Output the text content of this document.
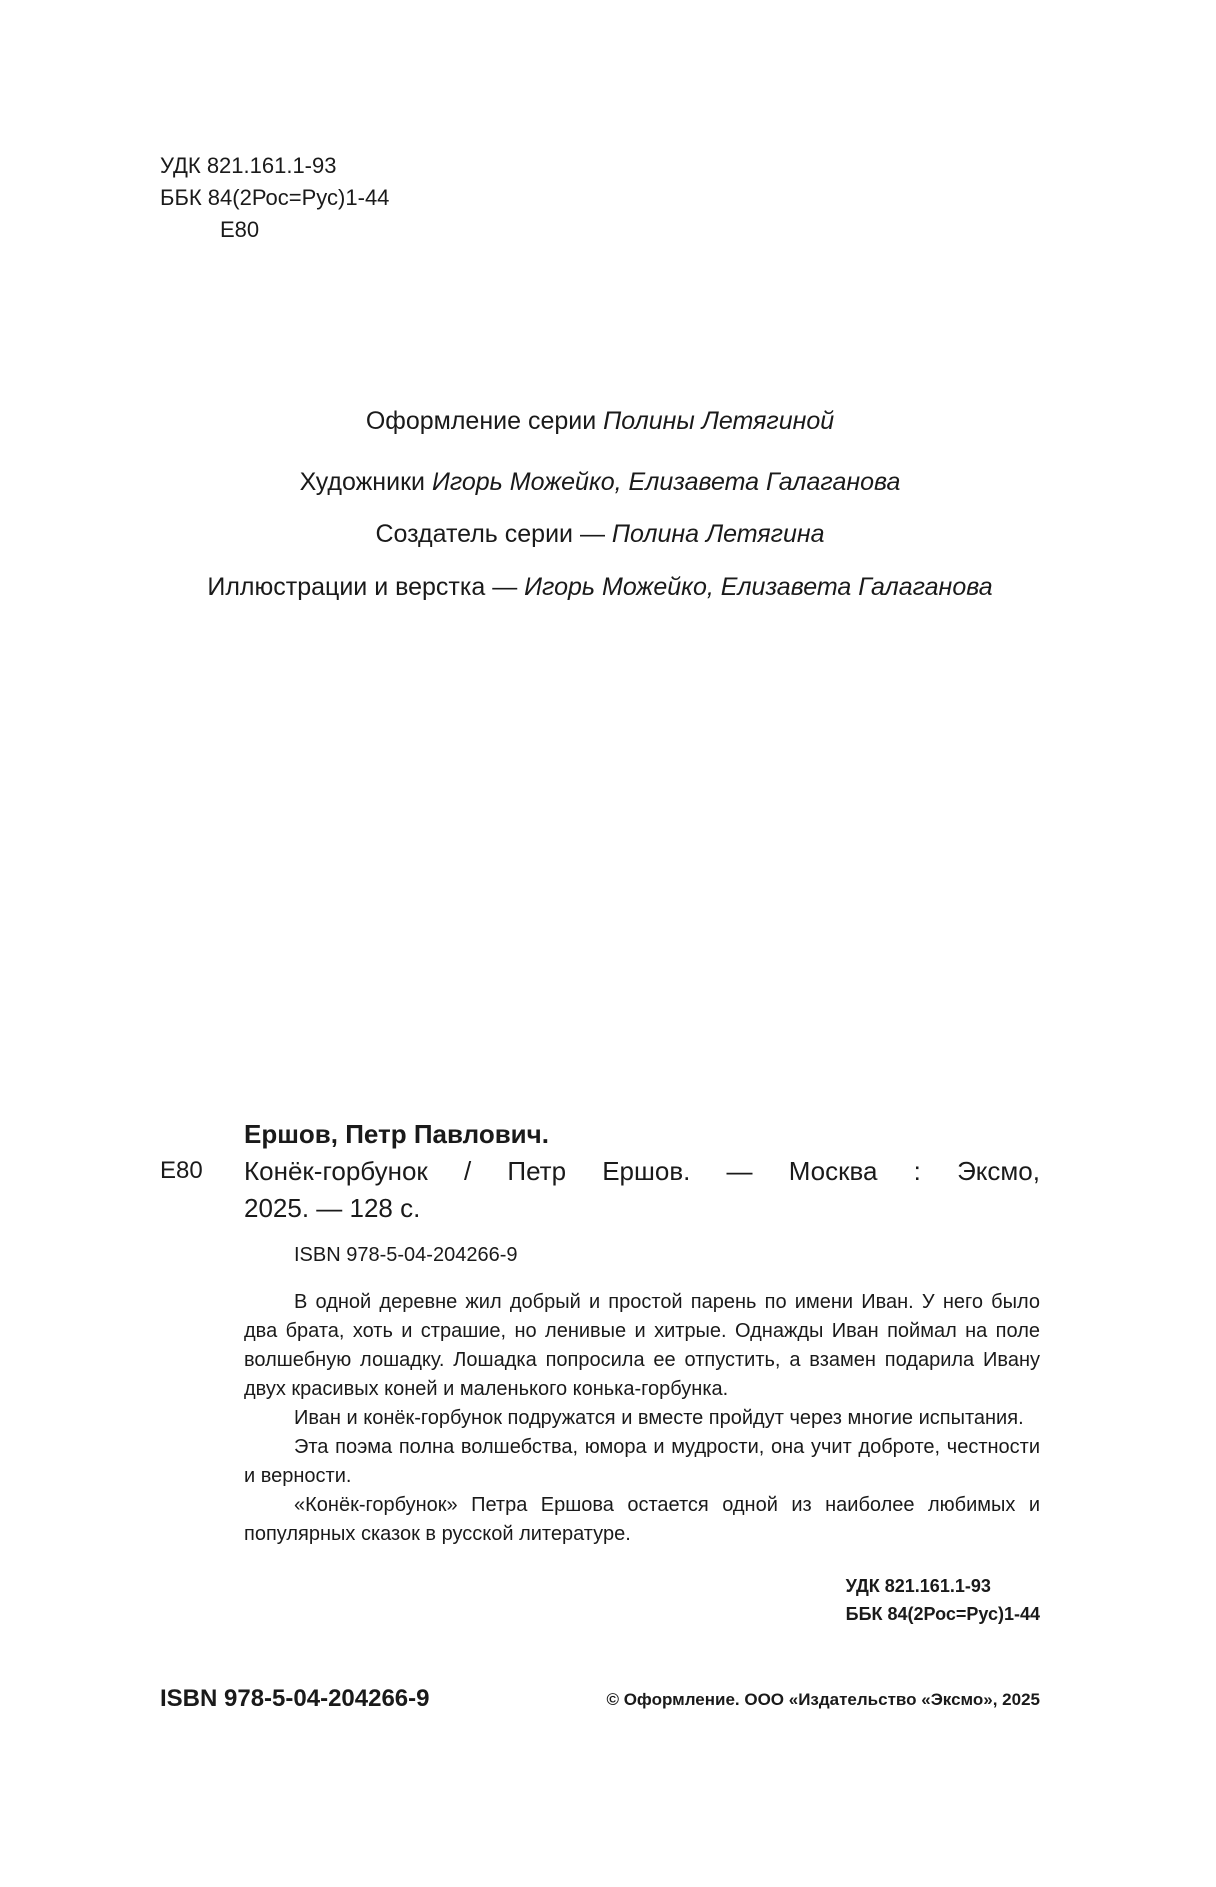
УДК 821.161.1-93
ББК 84(2Рос=Рус)1-44
Е80
Оформление серии Полины Летягиной
Художники Игорь Можейко, Елизавета Галаганова
Создатель серии — Полина Летягина
Иллюстрации и верстка — Игорь Можейко, Елизавета Галаганова
Ершов, Петр Павлович.
Е80 Конёк-горбунок / Петр Ершов. — Москва : Эксмо,
2025. — 128 с.
ISBN 978-5-04-204266-9

В одной деревне жил добрый и простой парень по имени Иван. У него было два брата, хоть и страшие, но ленивые и хитрые. Однажды Иван поймал на поле волшебную лошадку. Лошадка попросила ее отпустить, а взамен подарила Ивану двух красивых коней и маленького конька-горбунка.

Иван и конёк-горбунок подружатся и вместе пройдут через многие испытания.

Эта поэма полна волшебства, юмора и мудрости, она учит доброте, честности и верности.

«Конёк-горбунок» Петра Ершова остается одной из наиболее любимых и популярных сказок в русской литературе.

УДК 821.161.1-93
ББК 84(2Рос=Рус)1-44
ISBN 978-5-04-204266-9	© Оформление. ООО «Издательство «Эксмо», 2025
